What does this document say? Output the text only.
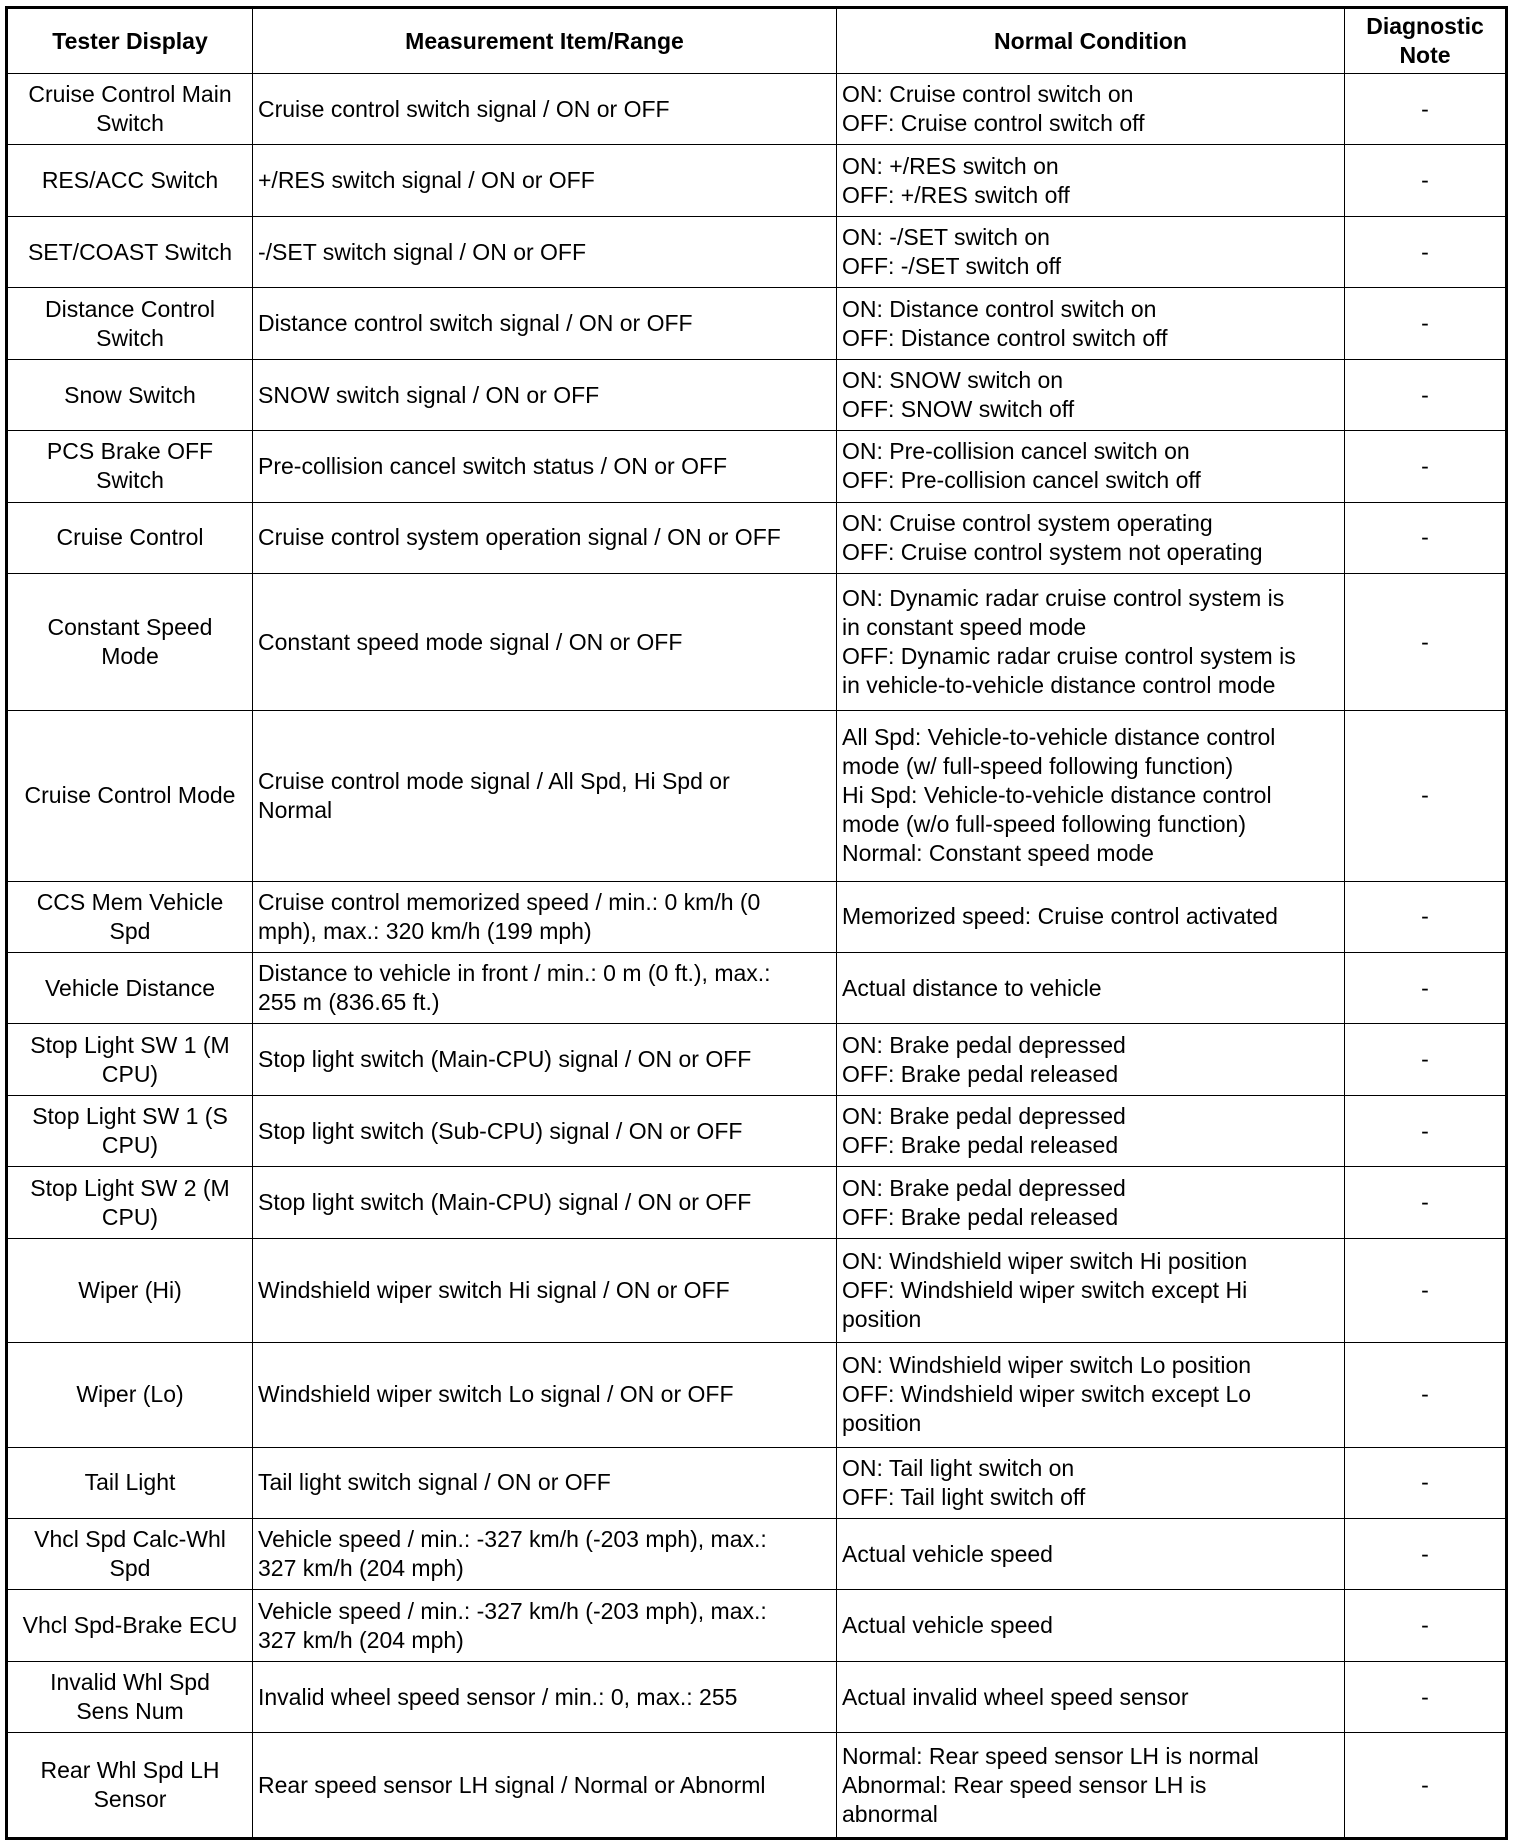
Tester Display	Measurement Item/Range	Normal Condition	Diagnostic
Note

Cruise Control Main
Switch	Cruise control switch signal / ON or OFF	ON: Cruise control switch on
OFF: Cruise control switch off	-

RES/ACC Switch	+/RES switch signal / ON or OFF	ON: +/RES switch on
OFF: +/RES switch off	-

SET/COAST Switch	-/SET switch signal / ON or OFF	ON: -/SET switch on
OFF: -/SET switch off	-

Distance Control
Switch	Distance control switch signal / ON or OFF	ON: Distance control switch on
OFF: Distance control switch off	-

Snow Switch	SNOW switch signal / ON or OFF	ON: SNOW switch on
OFF: SNOW switch off	-

PCS Brake OFF
Switch	Pre-collision cancel switch status / ON or OFF	ON: Pre-collision cancel switch on
OFF: Pre-collision cancel switch off	-

Cruise Control	Cruise control system operation signal / ON or OFF	ON: Cruise control system operating
OFF: Cruise control system not operating	-

Constant Speed
Mode	Constant speed mode signal / ON or OFF	ON: Dynamic radar cruise control system is
in constant speed mode
OFF: Dynamic radar cruise control system is
in vehicle-to-vehicle distance control mode	-

Cruise Control Mode	Cruise control mode signal / All Spd, Hi Spd or
Normal	All Spd: Vehicle-to-vehicle distance control
mode (w/ full-speed following function)
Hi Spd: Vehicle-to-vehicle distance control
mode (w/o full-speed following function)
Normal: Constant speed mode	-

CCS Mem Vehicle
Spd	Cruise control memorized speed / min.: 0 km/h (0
mph), max.: 320 km/h (199 mph)	Memorized speed: Cruise control activated	-

Vehicle Distance	Distance to vehicle in front / min.: 0 m (0 ft.), max.:
255 m (836.65 ft.)	Actual distance to vehicle	-

Stop Light SW 1 (M
CPU)	Stop light switch (Main-CPU) signal / ON or OFF	ON: Brake pedal depressed
OFF: Brake pedal released	-

Stop Light SW 1 (S
CPU)	Stop light switch (Sub-CPU) signal / ON or OFF	ON: Brake pedal depressed
OFF: Brake pedal released	-

Stop Light SW 2 (M
CPU)	Stop light switch (Main-CPU) signal / ON or OFF	ON: Brake pedal depressed
OFF: Brake pedal released	-

Wiper (Hi)	Windshield wiper switch Hi signal / ON or OFF	ON: Windshield wiper switch Hi position
OFF: Windshield wiper switch except Hi
position	-

Wiper (Lo)	Windshield wiper switch Lo signal / ON or OFF	ON: Windshield wiper switch Lo position
OFF: Windshield wiper switch except Lo
position	-

Tail Light	Tail light switch signal / ON or OFF	ON: Tail light switch on
OFF: Tail light switch off	-

Vhcl Spd Calc-Whl
Spd	Vehicle speed / min.: -327 km/h (-203 mph), max.:
327 km/h (204 mph)	Actual vehicle speed	-

Vhcl Spd-Brake ECU	Vehicle speed / min.: -327 km/h (-203 mph), max.:
327 km/h (204 mph)	Actual vehicle speed	-

Invalid Whl Spd
Sens Num	Invalid wheel speed sensor / min.: 0, max.: 255	Actual invalid wheel speed sensor	-

Rear Whl Spd LH
Sensor	Rear speed sensor LH signal / Normal or Abnorml	Normal: Rear speed sensor LH is normal
Abnormal: Rear speed sensor LH is
abnormal	-
